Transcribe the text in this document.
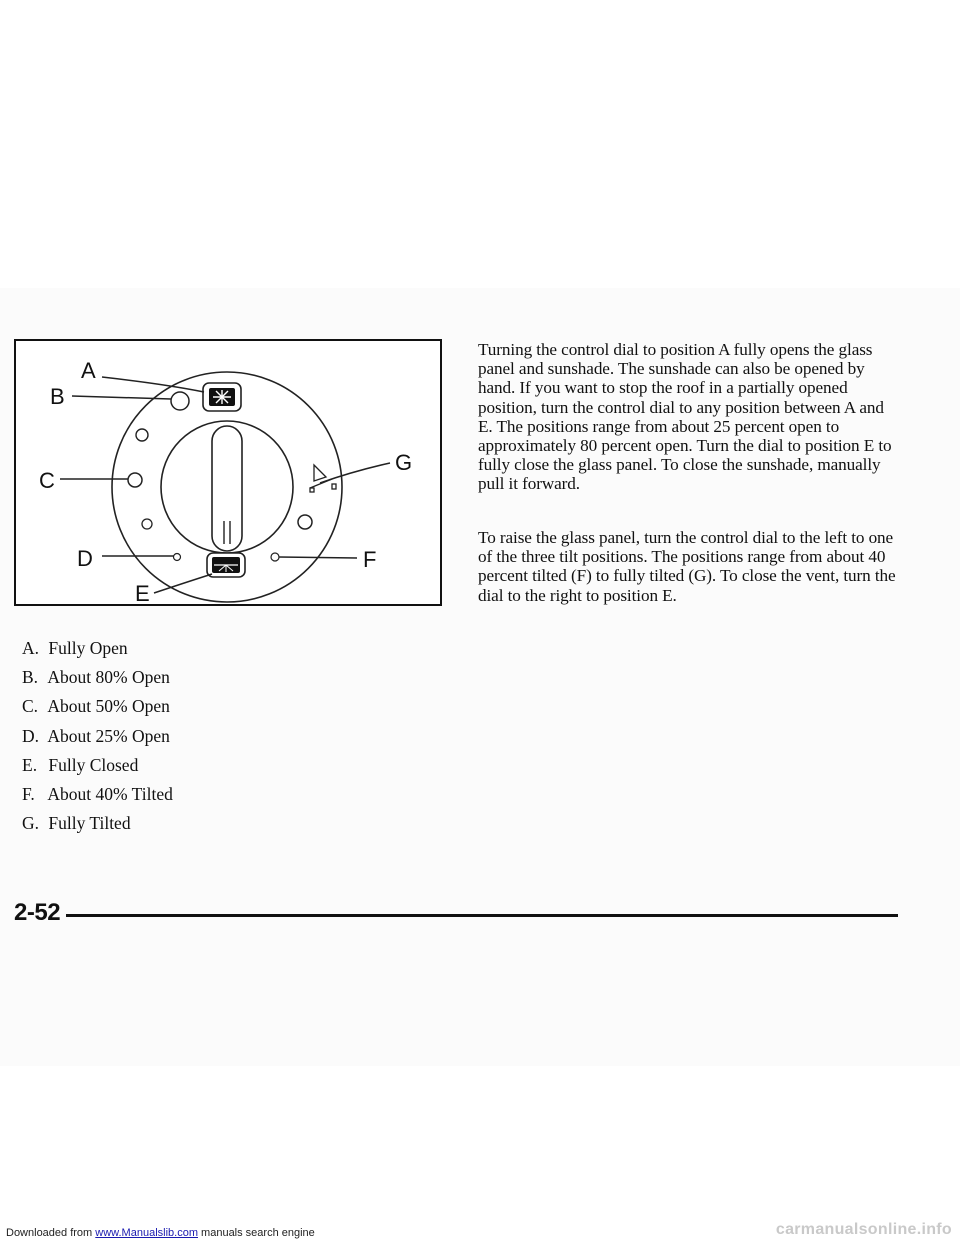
A
B
C
D
E
F
G

Turning the control dial to position A fully opens the glass panel and sunshade. The sunshade can also be opened by hand. If you want to stop the roof in a partially opened position, turn the control dial to any position between A and E. The positions range from about 25 percent open to approximately 80 percent open. Turn the dial to position E to fully close the glass panel. To close the sunshade, manually pull it forward.

To raise the glass panel, turn the control dial to the left to one of the three tilt positions. The positions range from about 40 percent tilted (F) to fully tilted (G). To close the vent, turn the dial to the right to position E.

A. Fully Open
B. About 80% Open
C. About 50% Open
D. About 25% Open
E. Fully Closed
F. About 40% Tilted
G. Fully Tilted
2-52
Downloaded from www.Manualslib.com manuals search engine	carmanualsonline.info
